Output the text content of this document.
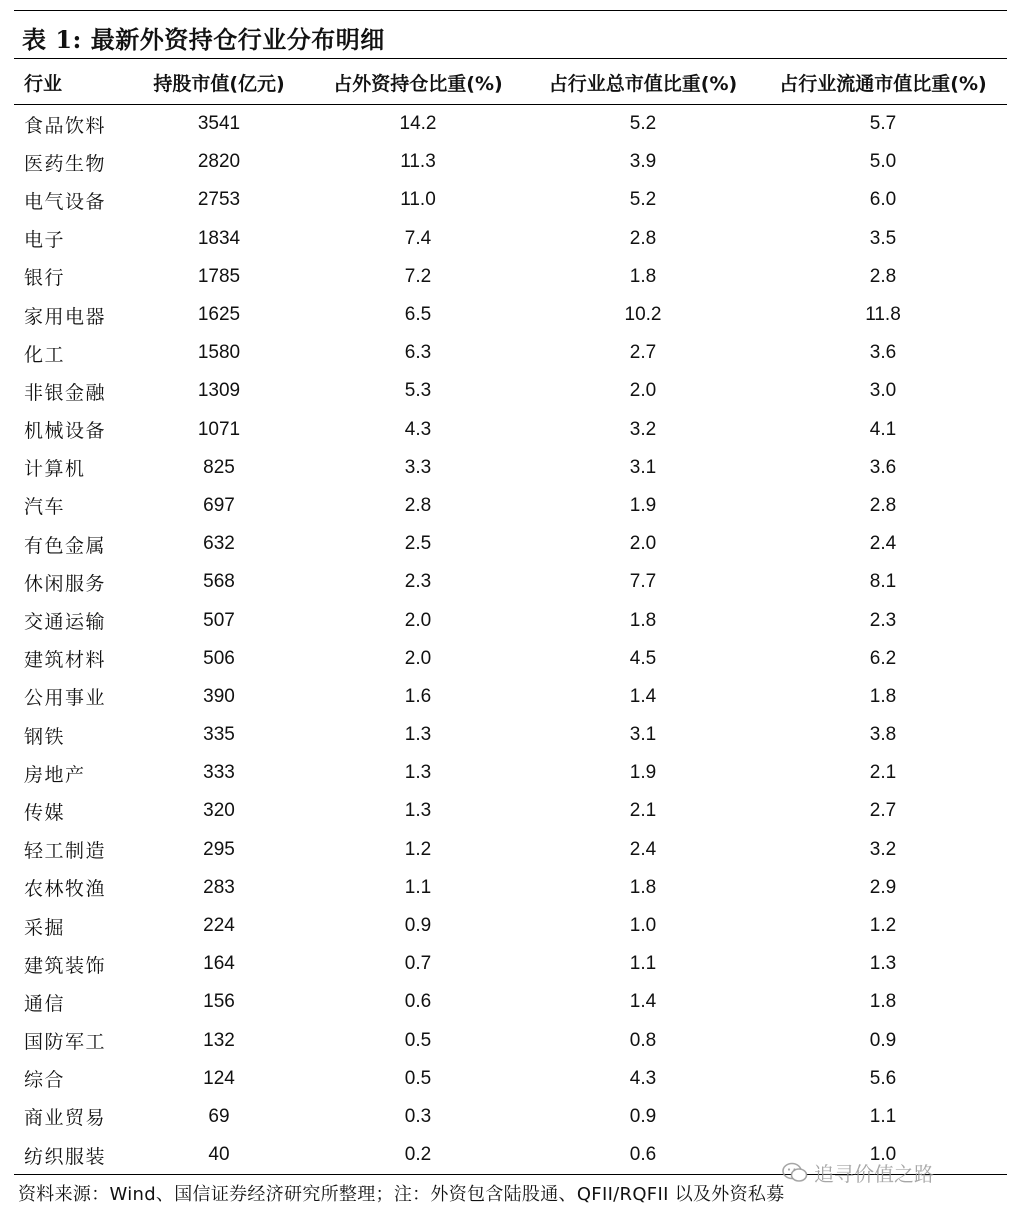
表 1: 最新外资持仓行业分布明细
行业	持股市值(亿元)	占外资持仓比重(%)	占行业总市值比重(%)	占行业流通市值比重(%)
食品饮料	3541	14.2	5.2	5.7
医药生物	2820	11.3	3.9	5.0
电气设备	2753	11.0	5.2	6.0
电子	1834	7.4	2.8	3.5
银行	1785	7.2	1.8	2.8
家用电器	1625	6.5	10.2	11.8
化工	1580	6.3	2.7	3.6
非银金融	1309	5.3	2.0	3.0
机械设备	1071	4.3	3.2	4.1
计算机	825	3.3	3.1	3.6
汽车	697	2.8	1.9	2.8
有色金属	632	2.5	2.0	2.4
休闲服务	568	2.3	7.7	8.1
交通运输	507	2.0	1.8	2.3
建筑材料	506	2.0	4.5	6.2
公用事业	390	1.6	1.4	1.8
钢铁	335	1.3	3.1	3.8
房地产	333	1.3	1.9	2.1
传媒	320	1.3	2.1	2.7
轻工制造	295	1.2	2.4	3.2
农林牧渔	283	1.1	1.8	2.9
采掘	224	0.9	1.0	1.2
建筑装饰	164	0.7	1.1	1.3
通信	156	0.6	1.4	1.8
国防军工	132	0.5	0.8	0.9
综合	124	0.5	4.3	5.6
商业贸易	69	0.3	0.9	1.1
纺织服装	40	0.2	0.6	1.0
追寻价值之路
资料来源：Wind、国信证券经济研究所整理；注：外资包含陆股通、QFII/RQFII 以及外资私募
